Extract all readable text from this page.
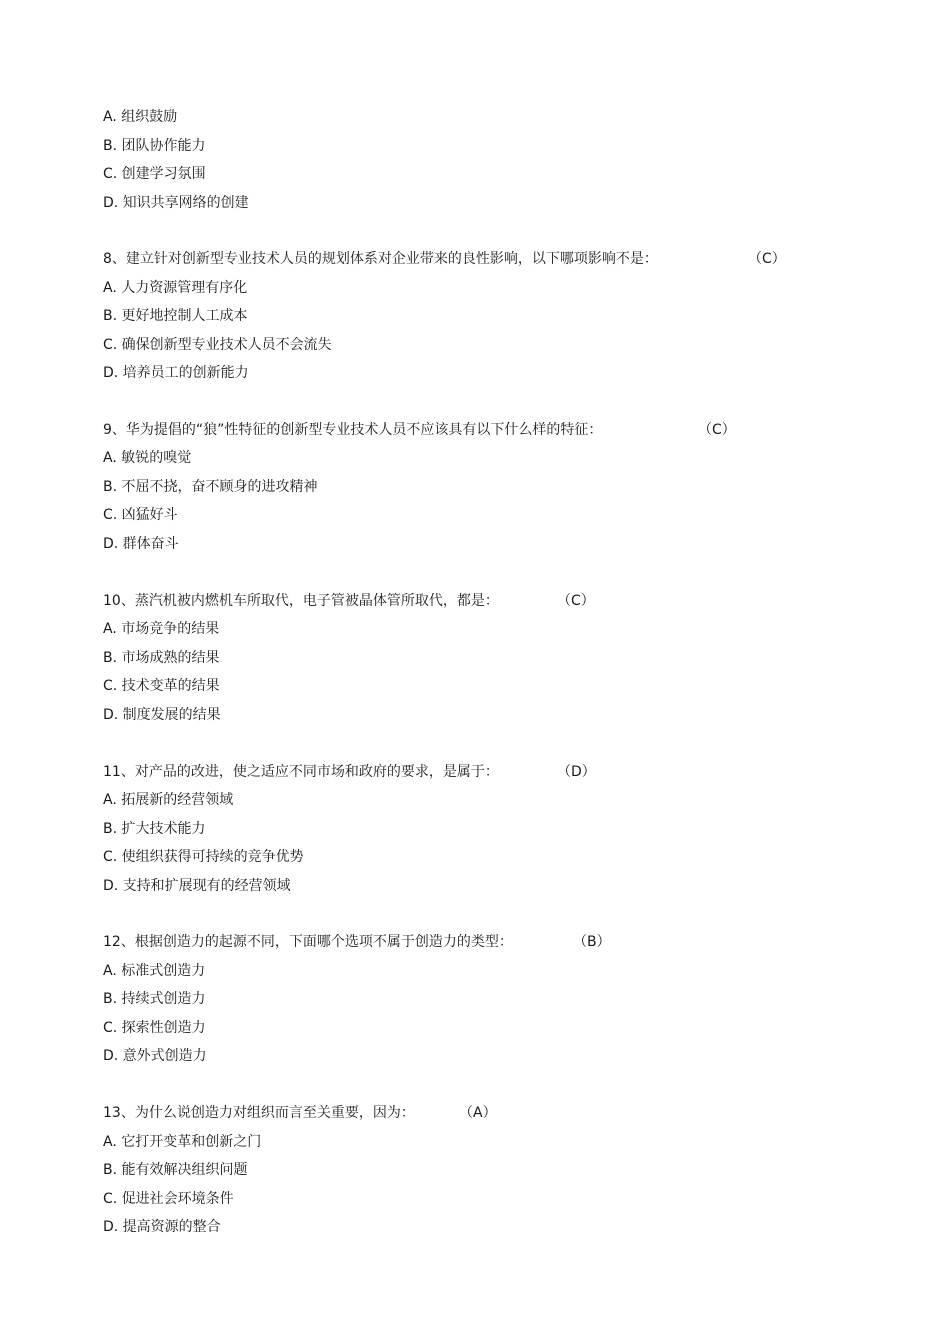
A. 组织鼓励
B. 团队协作能力
C. 创建学习氛围
D. 知识共享网络的创建
8、建立针对创新型专业技术人员的规划体系对企业带来的良性影响，以下哪项影响不是：	（C）
A. 人力资源管理有序化
B. 更好地控制人工成本
C. 确保创新型专业技术人员不会流失
D. 培养员工的创新能力
9、华为提倡的“狼”性特征的创新型专业技术人员不应该具有以下什么样的特征：	（C）
A. 敏锐的嗅觉
B. 不屈不挠，奋不顾身的进攻精神
C. 凶猛好斗
D. 群体奋斗
10、蒸汽机被内燃机车所取代，电子管被晶体管所取代，都是：	（C）
A. 市场竞争的结果
B. 市场成熟的结果
C. 技术变革的结果
D. 制度发展的结果
11、对产品的改进，使之适应不同市场和政府的要求，是属于：	（D）
A. 拓展新的经营领域
B. 扩大技术能力
C. 使组织获得可持续的竞争优势
D. 支持和扩展现有的经营领域
12、根据创造力的起源不同，下面哪个选项不属于创造力的类型：	（B）
A. 标准式创造力
B. 持续式创造力
C. 探索性创造力
D. 意外式创造力
13、为什么说创造力对组织而言至关重要，因为：	（A）
A. 它打开变革和创新之门
B. 能有效解决组织问题
C. 促进社会环境条件
D. 提高资源的整合
